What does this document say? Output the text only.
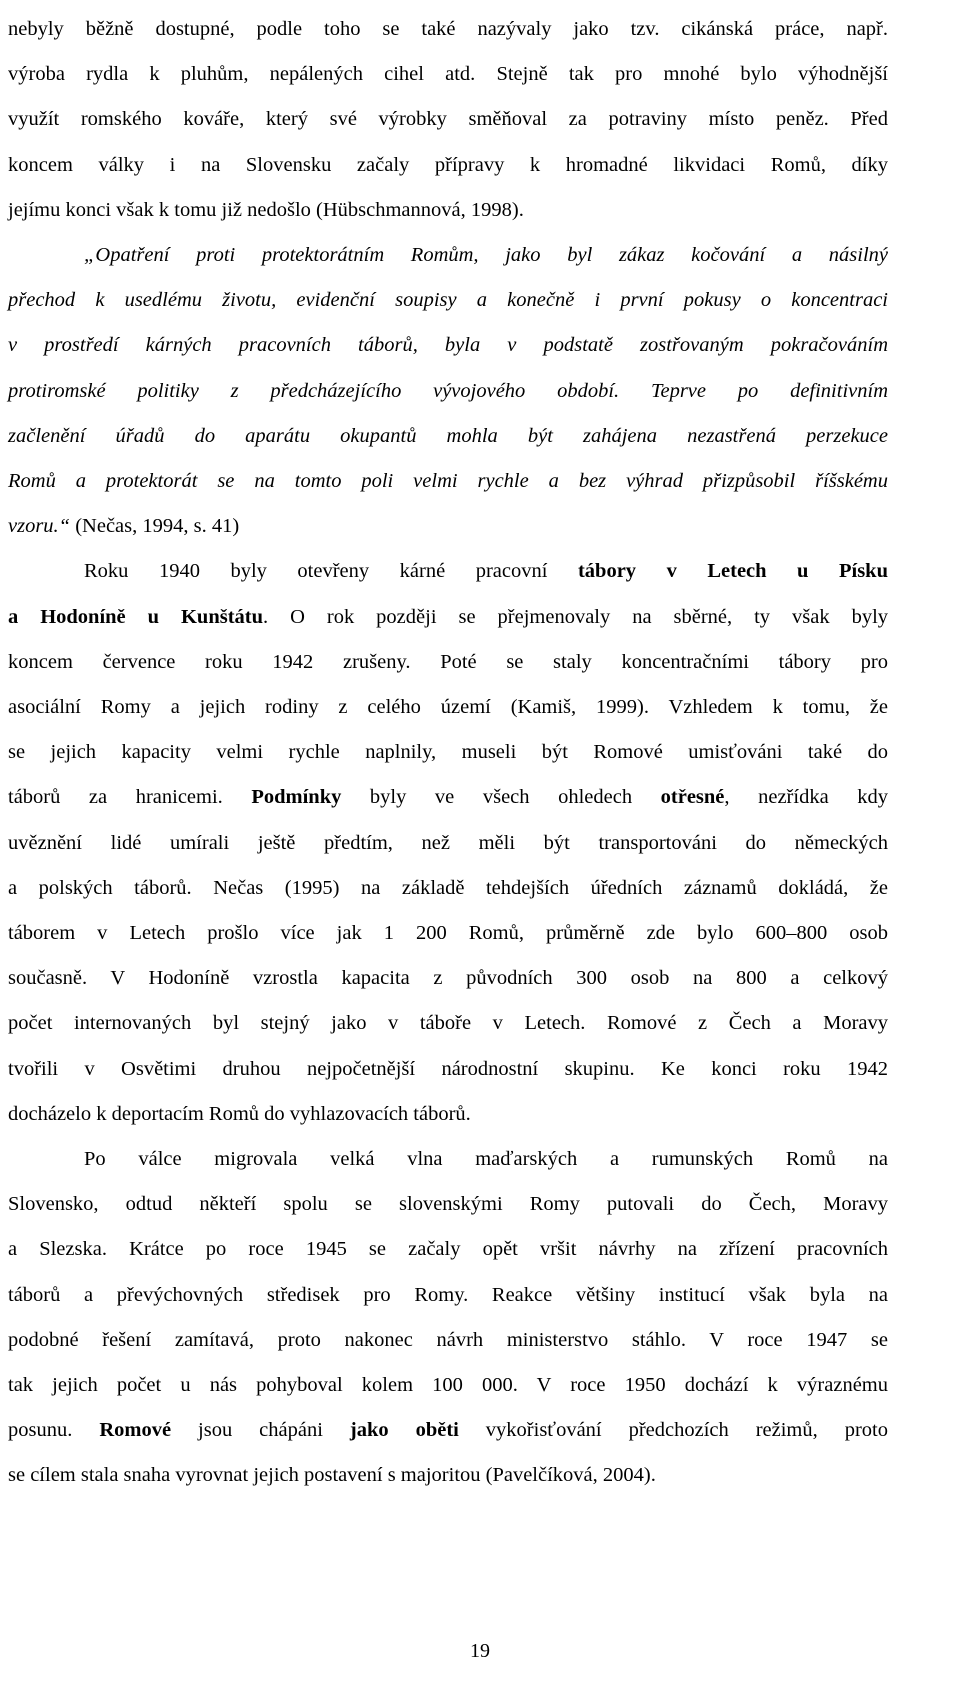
nebyly běžně dostupné, podle toho se také nazývaly jako tzv. cikánská práce, např.
výroba rydla k pluhům, nepálených cihel atd. Stejně tak pro mnohé bylo výhodnější
využít romského kováře, který své výrobky směňoval za potraviny místo peněz. Před
koncem války i na Slovensku začaly přípravy k hromadné likvidaci Romů, díky
jejímu konci však k tomu již nedošlo (Hübschmannová, 1998).
„Opatření proti protektorátním Romům, jako byl zákaz kočování a násilný
přechod k usedlému životu, evidenční soupisy a konečně i první pokusy o koncentraci
v prostředí kárných pracovních táborů, byla v podstatě zostřovaným pokračováním
protiromské politiky z předcházejícího vývojového období. Teprve po definitivním
začlenění úřadů do aparátu okupantů mohla být zahájena nezastřená perzekuce
Romů a protektorát se na tomto poli velmi rychle a bez výhrad přizpůsobil říšskému
vzoru.“ (Nečas, 1994, s. 41)
Roku 1940 byly otevřeny kárné pracovní tábory v Letech u Písku
a Hodoníně u Kunštátu. O rok později se přejmenovaly na sběrné, ty však byly
koncem července roku 1942 zrušeny. Poté se staly koncentračními tábory pro
asociální Romy a jejich rodiny z celého území (Kamiš, 1999). Vzhledem k tomu, že
se jejich kapacity velmi rychle naplnily, museli být Romové umisťováni také do
táborů za hranicemi. Podmínky byly ve všech ohledech otřesné, nezřídka kdy
uvěznění lidé umírali ještě předtím, než měli být transportováni do německých
a polských táborů. Nečas (1995) na základě tehdejších úředních záznamů dokládá, že
táborem v Letech prošlo více jak 1 200 Romů, průměrně zde bylo 600–800 osob
současně. V Hodoníně vzrostla kapacita z původních 300 osob na 800 a celkový
počet internovaných byl stejný jako v táboře v Letech. Romové z Čech a Moravy
tvořili v Osvětimi druhou nejpočetnější národnostní skupinu. Ke konci roku 1942
docházelo k deportacím Romů do vyhlazovacích táborů.
Po válce migrovala velká vlna maďarských a rumunských Romů na
Slovensko, odtud někteří spolu se slovenskými Romy putovali do Čech, Moravy
a Slezska. Krátce po roce 1945 se začaly opět vršit návrhy na zřízení pracovních
táborů a převýchovných středisek pro Romy. Reakce většiny institucí však byla na
podobné řešení zamítavá, proto nakonec návrh ministerstvo stáhlo. V roce 1947 se
tak jejich počet u nás pohyboval kolem 100 000. V roce 1950 dochází k výraznému
posunu. Romové jsou chápáni jako oběti vykořisťování předchozích režimů, proto
se cílem stala snaha vyrovnat jejich postavení s majoritou (Pavelčíková, 2004).
19
